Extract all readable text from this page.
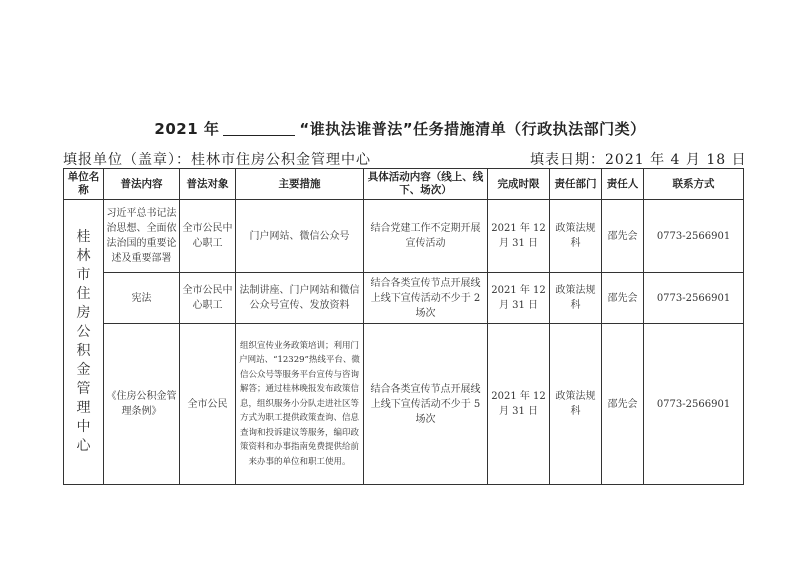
2021 年	“谁执法谁普法”任务措施清单（行政执法部门类）
填报单位（盖章）：桂林市住房公积金管理中心	填表日期：2021 年 4 月 18 日
单位名称	普法内容	普法对象	主要措施	具体活动内容（线上、线下、场次）	完成时限	责任部门	责任人	联系方式

桂林市住房公积金管理中心	习近平总书记法治思想、全面依法治国的重要论述及重要部署	全市公民中心职工	门户网站、微信公众号	结合党建工作不定期开展宣传活动	2021 年 12 月 31 日	政策法规科	邵先会	0773-2566901
	宪法	全市公民中心职工	法制讲座、门户网站和微信公众号宣传、发放资料	结合各类宣传节点开展线上线下宣传活动不少于 2 场次	2021 年 12 月 31 日	政策法规科	邵先会	0773-2566901
	《住房公积金管理条例》	全市公民	组织宣传业务政策培训；利用门户网站、“12329”热线平台、微信公众号等服务平台宣传与咨询解答；通过桂林晚报发布政策信息，组织服务小分队走进社区等方式为职工提供政策查询、信息查询和投诉建议等服务，编印政策资料和办事指南免费提供给前来办事的单位和职工使用。	结合各类宣传节点开展线上线下宣传活动不少于 5 场次	2021 年 12 月 31 日	政策法规科	邵先会	0773-2566901
